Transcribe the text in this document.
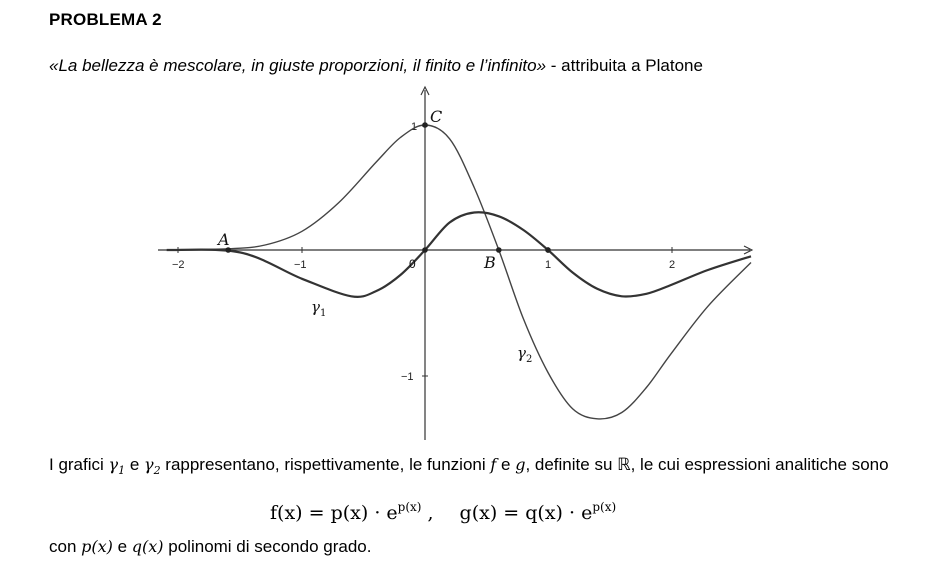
PROBLEMA 2
«La bellezza è mescolare, in giuste proporzioni, il finito e l’infinito» - attribuita a Platone
−2	−1	1	2
1
−1
A
B
C
0
$\gamma_1$
$\gamma_2$
I grafici $\gamma_1$ e $\gamma_2$ rappresentano, rispettivamente, le funzioni f e g, definite su ℝ, le cui espressioni analitiche sono
$f(x) = p(x) \cdot e^{p(x)}$ , $g(x) = q(x) \cdot e^{p(x)}$
con p(x) e q(x) polinomi di secondo grado.
